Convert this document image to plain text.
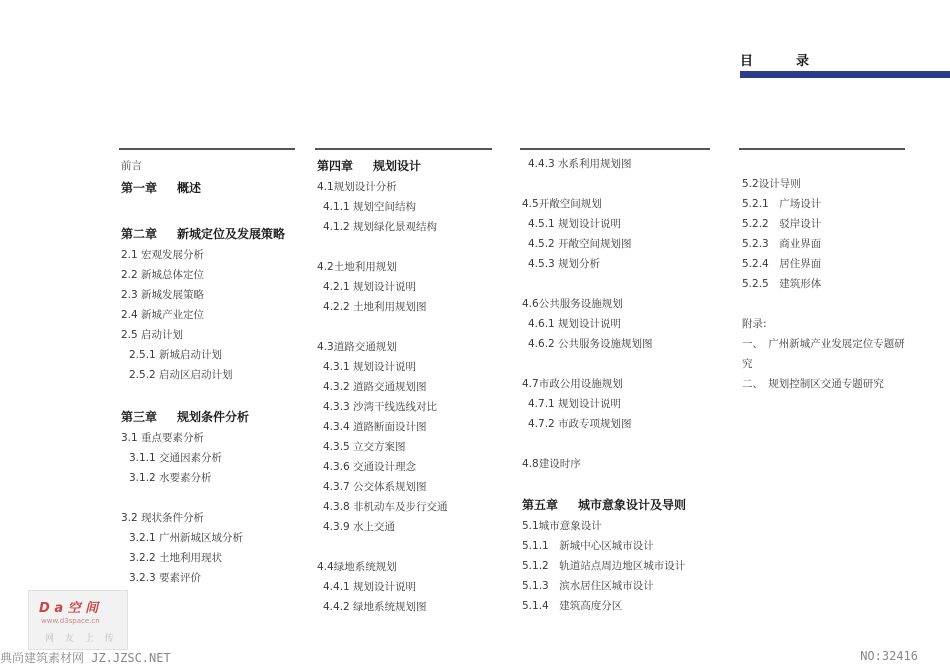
目	录
前言
第一章 概述
第二章 新城定位及发展策略
2.1 宏观发展分析
2.2 新城总体定位
2.3 新城发展策略
2.4 新城产业定位
2.5 启动计划
2.5.1 新城启动计划
2.5.2 启动区启动计划
第三章 规划条件分析
3.1 重点要素分析
3.1.1 交通因素分析
3.1.2 水要素分析
3.2 现状条件分析
3.2.1 广州新城区域分析
3.2.2 土地利用现状
3.2.3 要素评价
第四章 规划设计
4.1规划设计分析
4.1.1 规划空间结构
4.1.2 规划绿化景观结构
4.2土地利用规划
4.2.1 规划设计说明
4.2.2 土地利用规划图
4.3道路交通规划
4.3.1 规划设计说明
4.3.2 道路交通规划图
4.3.3 沙湾干线选线对比
4.3.4 道路断面设计图
4.3.5 立交方案图
4.3.6 交通设计理念
4.3.7 公交体系规划图
4.3.8 非机动车及步行交通
4.3.9 水上交通
4.4绿地系统规划
4.4.1 规划设计说明
4.4.2 绿地系统规划图
4.4.3 水系利用规划图
4.5开敞空间规划
4.5.1 规划设计说明
4.5.2 开敞空间规划图
4.5.3 规划分析
4.6公共服务设施规划
4.6.1 规划设计说明
4.6.2 公共服务设施规划图
4.7市政公用设施规划
4.7.1 规划设计说明
4.7.2 市政专项规划图
4.8建设时序
第五章 城市意象设计及导则
5.1城市意象设计
5.1.1　新城中心区城市设计
5.1.2　轨道站点周边地区城市设计
5.1.3　滨水居住区城市设计
5.1.4　建筑高度分区
5.2设计导则
5.2.1　广场设计
5.2.2　驳岸设计
5.2.3　商业界面
5.2.4　居住界面
5.2.5　建筑形体
附录:
一、　广州新城产业发展定位专题研究
二、　规划控制区交通专题研究
D a 空 间
www.d3space.cn
网 友 上 传
典尚建筑素材网 JZ.JZSC.NET	NO:32416
